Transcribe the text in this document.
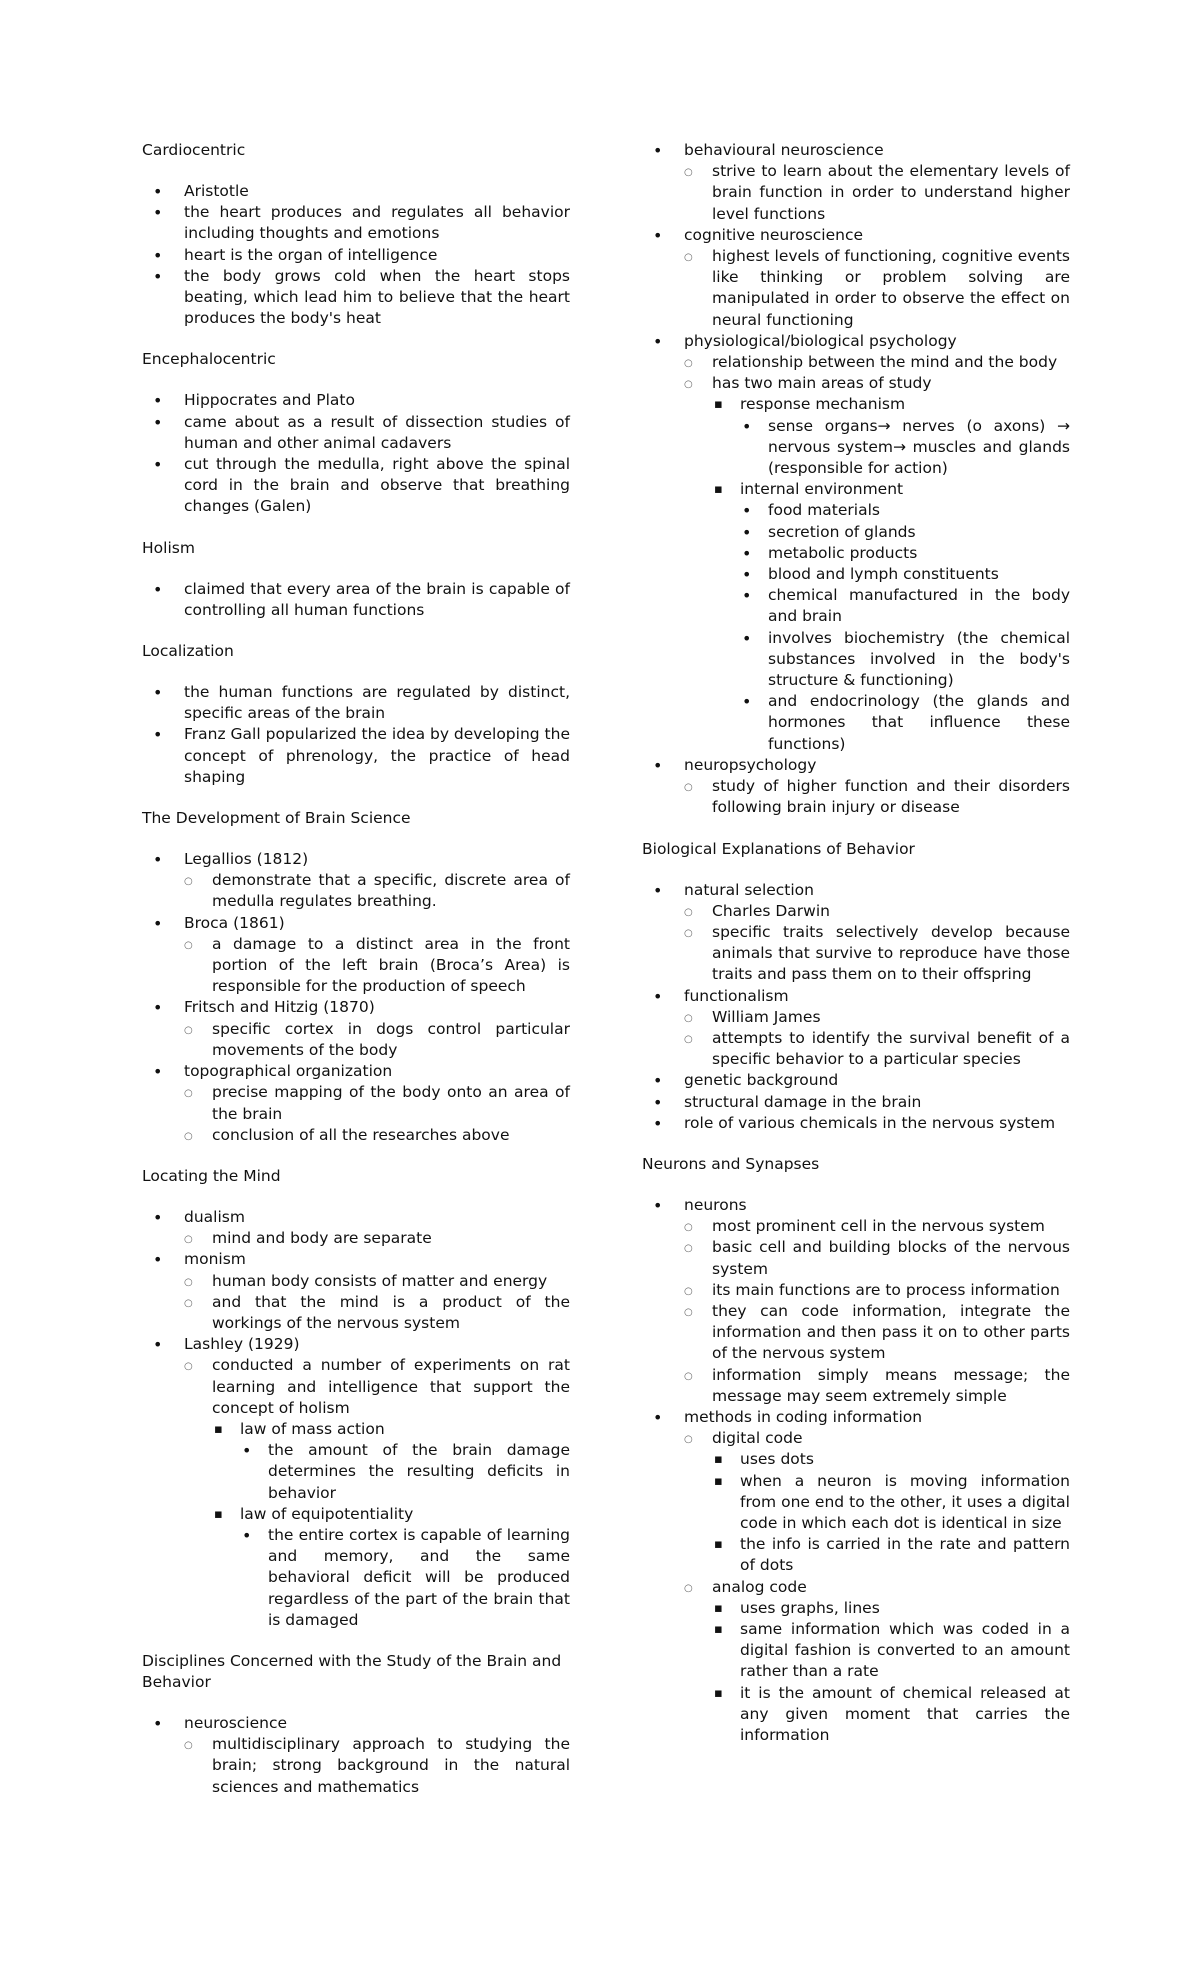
Cardiocentric
• Aristotle
• the heart produces and regulates all behavior including thoughts and emotions
• heart is the organ of intelligence
• the body grows cold when the heart stops beating, which lead him to believe that the heart produces the body's heat
Encephalocentric
• Hippocrates and Plato
• came about as a result of dissection studies of human and other animal cadavers
• cut through the medulla, right above the spinal cord in the brain and observe that breathing changes (Galen)
Holism
• claimed that every area of the brain is capable of controlling all human functions
Localization
• the human functions are regulated by distinct, specific areas of the brain
• Franz Gall popularized the idea by developing the concept of phrenology, the practice of head shaping
The Development of Brain Science
• Legallios (1812)
○ demonstrate that a specific, discrete area of medulla regulates breathing.
• Broca (1861)
○ a damage to a distinct area in the front portion of the left brain (Broca’s Area) is responsible for the production of speech
• Fritsch and Hitzig (1870)
○ specific cortex in dogs control particular movements of the body
• topographical organization
○ precise mapping of the body onto an area of the brain
○ conclusion of all the researches above
Locating the Mind
• dualism
○ mind and body are separate
• monism
○ human body consists of matter and energy
○ and that the mind is a product of the workings of the nervous system
• Lashley (1929)
○ conducted a number of experiments on rat learning and intelligence that support the concept of holism
▪ law of mass action
• the amount of the brain damage determines the resulting deficits in behavior
▪ law of equipotentiality
• the entire cortex is capable of learning and memory, and the same behavioral deficit will be produced regardless of the part of the brain that is damaged
Disciplines Concerned with the Study of the Brain and Behavior
• neuroscience
○ multidisciplinary approach to studying the brain; strong background in the natural sciences and mathematics
• behavioural neuroscience
○ strive to learn about the elementary levels of brain function in order to understand higher level functions
• cognitive neuroscience
○ highest levels of functioning, cognitive events like thinking or problem solving are manipulated in order to observe the effect on neural functioning
• physiological/biological psychology
○ relationship between the mind and the body
○ has two main areas of study
▪ response mechanism
• sense organs→ nerves (o axons) → nervous system→ muscles and glands (responsible for action)
▪ internal environment
• food materials
• secretion of glands
• metabolic products
• blood and lymph constituents
• chemical manufactured in the body and brain
• involves biochemistry (the chemical substances involved in the body's structure & functioning)
• and endocrinology (the glands and hormones that influence these functions)
• neuropsychology
○ study of higher function and their disorders following brain injury or disease
Biological Explanations of Behavior
• natural selection
○ Charles Darwin
○ specific traits selectively develop because animals that survive to reproduce have those traits and pass them on to their offspring
• functionalism
○ William James
○ attempts to identify the survival benefit of a specific behavior to a particular species
• genetic background
• structural damage in the brain
• role of various chemicals in the nervous system
Neurons and Synapses
• neurons
○ most prominent cell in the nervous system
○ basic cell and building blocks of the nervous system
○ its main functions are to process information
○ they can code information, integrate the information and then pass it on to other parts of the nervous system
○ information simply means message; the message may seem extremely simple
• methods in coding information
○ digital code
▪ uses dots
▪ when a neuron is moving information from one end to the other, it uses a digital code in which each dot is identical in size
▪ the info is carried in the rate and pattern of dots
○ analog code
▪ uses graphs, lines
▪ same information which was coded in a digital fashion is converted to an amount rather than a rate
▪ it is the amount of chemical released at any given moment that carries the information
